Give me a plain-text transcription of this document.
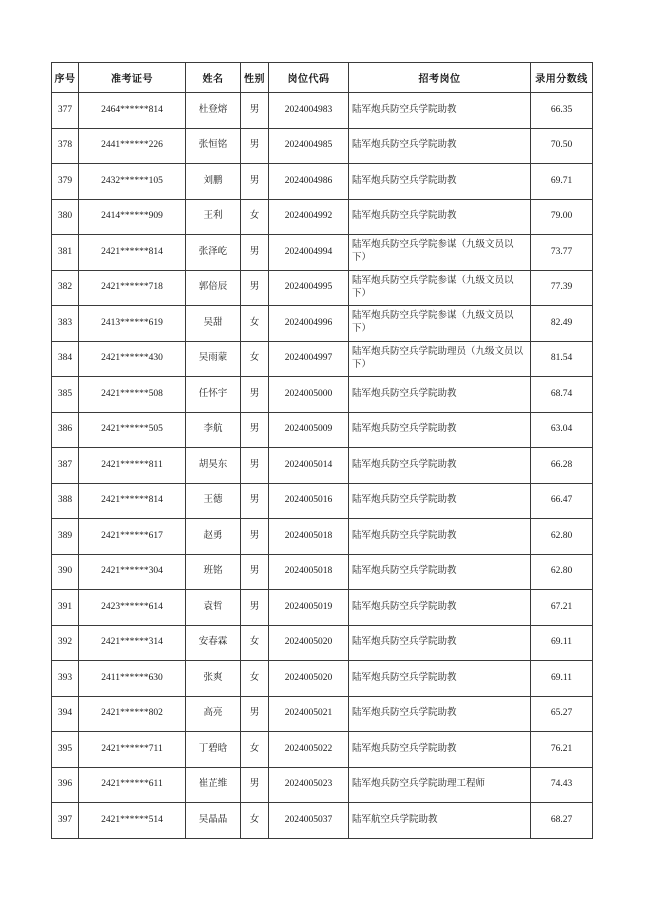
序号	准考证号	姓名	性别	岗位代码	招考岗位	录用分数线
377	2464******814	杜登熔	男	2024004983	陆军炮兵防空兵学院助教	66.35
378	2441******226	张恒铭	男	2024004985	陆军炮兵防空兵学院助教	70.50
379	2432******105	刘鹏	男	2024004986	陆军炮兵防空兵学院助教	69.71
380	2414******909	王利	女	2024004992	陆军炮兵防空兵学院助教	79.00
381	2421******814	张泽屹	男	2024004994	陆军炮兵防空兵学院参谋（九级文员以下）	73.77
382	2421******718	郭倍辰	男	2024004995	陆军炮兵防空兵学院参谋（九级文员以下）	77.39
383	2413******619	吴甜	女	2024004996	陆军炮兵防空兵学院参谋（九级文员以下）	82.49
384	2421******430	吴雨蒙	女	2024004997	陆军炮兵防空兵学院助理员（九级文员以下）	81.54
385	2421******508	任怀宇	男	2024005000	陆军炮兵防空兵学院助教	68.74
386	2421******505	李航	男	2024005009	陆军炮兵防空兵学院助教	63.04
387	2421******811	胡昊东	男	2024005014	陆军炮兵防空兵学院助教	66.28
388	2421******814	王德	男	2024005016	陆军炮兵防空兵学院助教	66.47
389	2421******617	赵勇	男	2024005018	陆军炮兵防空兵学院助教	62.80
390	2421******304	班铭	男	2024005018	陆军炮兵防空兵学院助教	62.80
391	2423******614	袁哲	男	2024005019	陆军炮兵防空兵学院助教	67.21
392	2421******314	安春霖	女	2024005020	陆军炮兵防空兵学院助教	69.11
393	2411******630	张爽	女	2024005020	陆军炮兵防空兵学院助教	69.11
394	2421******802	高亮	男	2024005021	陆军炮兵防空兵学院助教	65.27
395	2421******711	丁碧晗	女	2024005022	陆军炮兵防空兵学院助教	76.21
396	2421******611	崔芷维	男	2024005023	陆军炮兵防空兵学院助理工程师	74.43
397	2421******514	吴晶晶	女	2024005037	陆军航空兵学院助教	68.27
